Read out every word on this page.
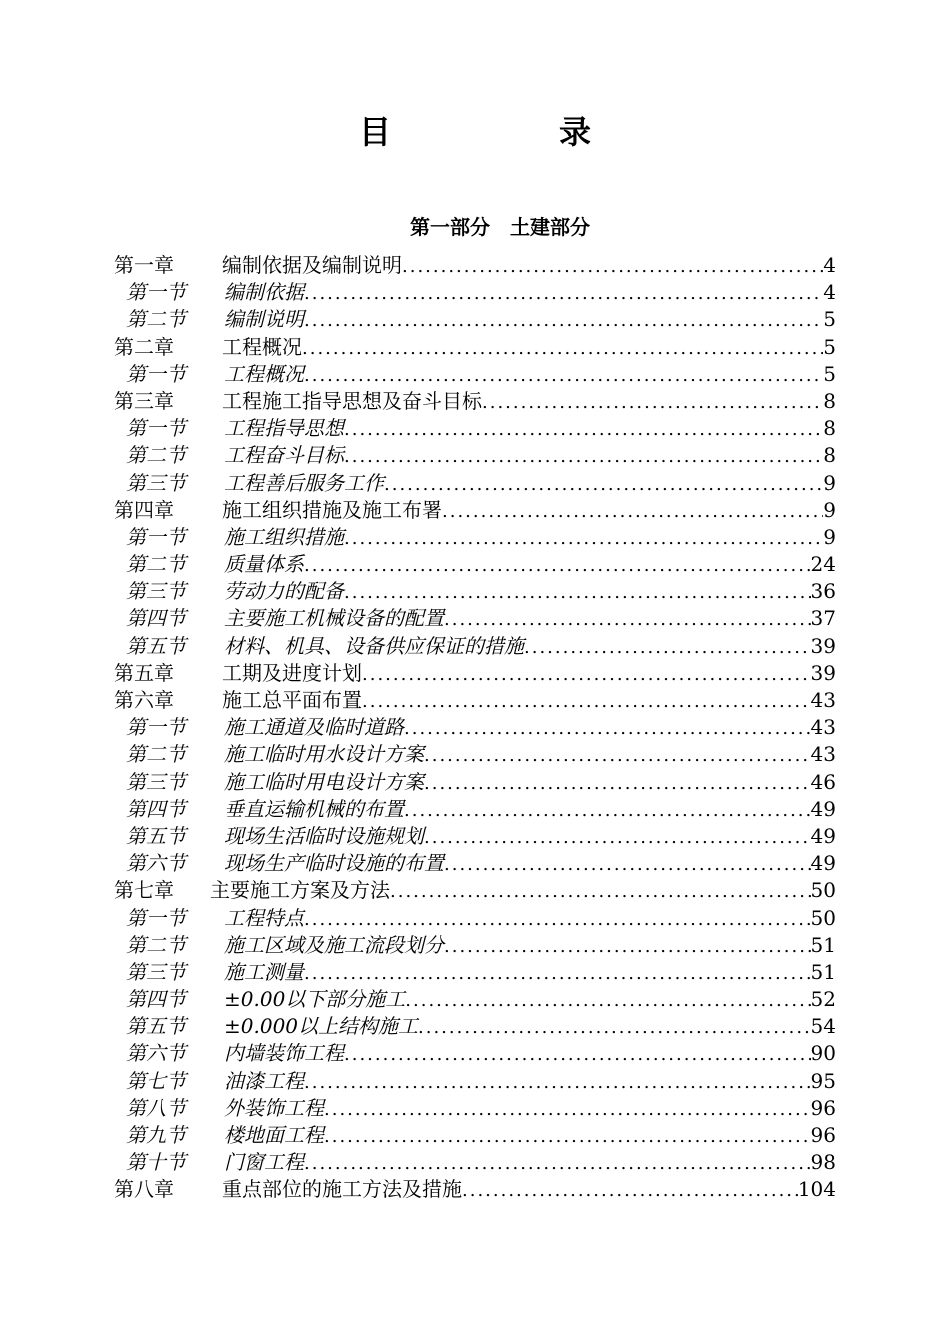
目　录
第一部分　土建部分
第一章	编制依据及编制说明 .....	4
第一节	编制依据 .....	4
第二节	编制说明 .....	5
第二章	工程概况 .....	5
第一节	工程概况 .....	5
第三章	工程施工指导思想及奋斗目标 .....	8
第一节	工程指导思想 .....	8
第二节	工程奋斗目标 .....	8
第三节	工程善后服务工作 .....	9
第四章	施工组织措施及施工布署 .....	9
第一节	施工组织措施 .....	9
第二节	质量体系 .....	24
第三节	劳动力的配备 .....	36
第四节	主要施工机械设备的配置 .....	37
第五节	材料、机具、设备供应保证的措施 .....	39
第五章	工期及进度计划 .....	39
第六章	施工总平面布置 .....	43
第一节	施工通道及临时道路 .....	43
第二节	施工临时用水设计方案 .....	43
第三节	施工临时用电设计方案 .....	46
第四节	垂直运输机械的布置 .....	49
第五节	现场生活临时设施规划 .....	49
第六节	现场生产临时设施的布置 .....	49
第七章	主要施工方案及方法 .....	50
第一节	工程特点 .....	50
第二节	施工区域及施工流段划分 .....	51
第三节	施工测量 .....	51
第四节	±0.00以下部分施工 .....	52
第五节	±0.000以上结构施工 .....	54
第六节	内墙装饰工程 .....	90
第七节	油漆工程 .....	95
第八节	外装饰工程 .....	96
第九节	楼地面工程 .....	96
第十节	门窗工程 .....	98
第八章	重点部位的施工方法及措施 .....	104
